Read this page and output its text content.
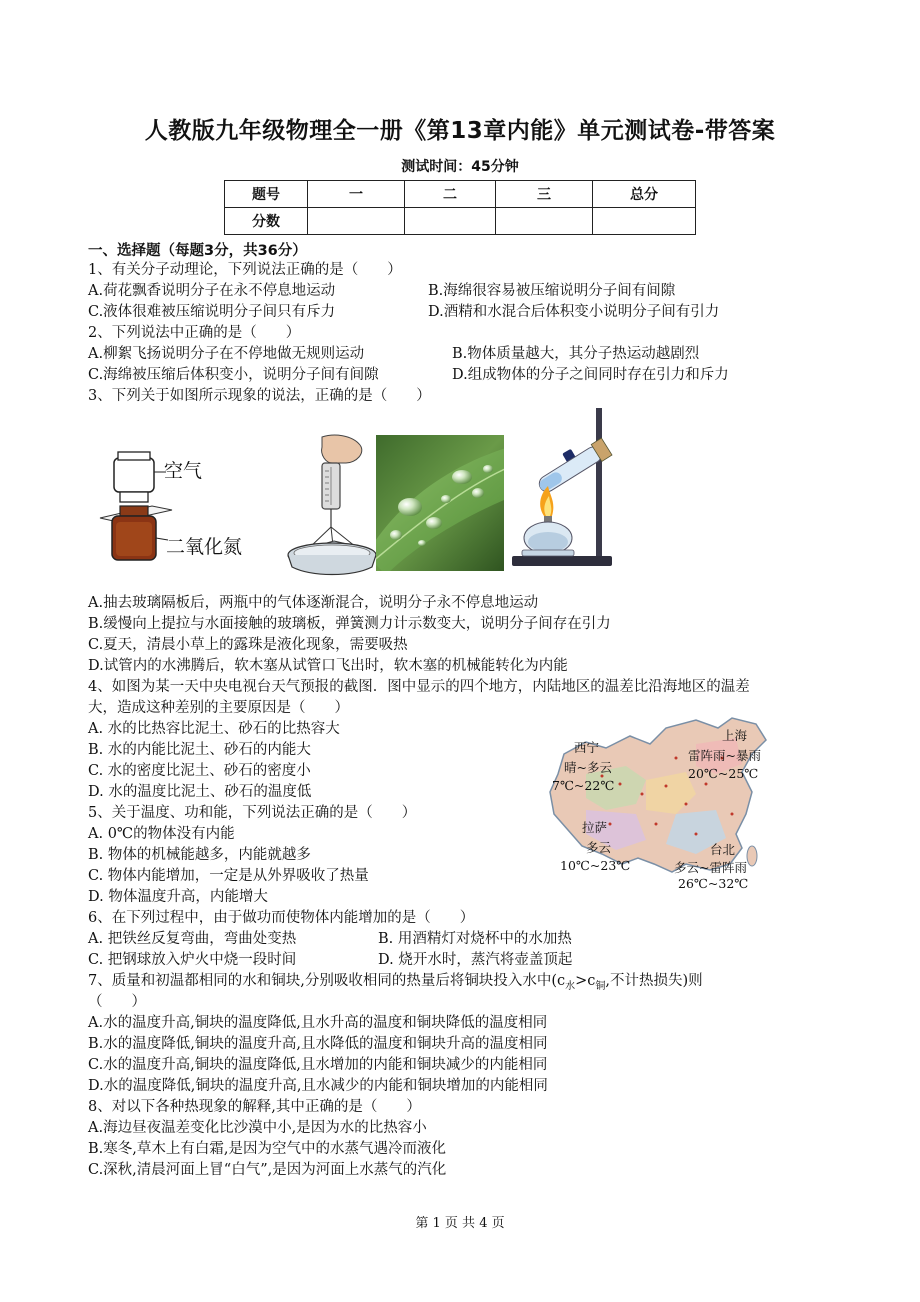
人教版九年级物理全一册《第13章内能》单元测试卷-带答案
测试时间：45分钟
题号	一	二	三	总分
分数				
一、选择题（每题3分，共36分）
1、有关分子动理论，下列说法正确的是（　　）
A.荷花飘香说明分子在永不停息地运动	B.海绵很容易被压缩说明分子间有间隙
C.液体很难被压缩说明分子间只有斥力	D.酒精和水混合后体积变小说明分子间有引力
2、下列说法中正确的是（　　）
A.柳絮飞扬说明分子在不停地做无规则运动	B.物体质量越大，其分子热运动越剧烈
C.海绵被压缩后体积变小，说明分子间有间隙	D.组成物体的分子之间同时存在引力和斥力
3、下列关于如图所示现象的说法，正确的是（　　）
空气
二氧化氮
A.抽去玻璃隔板后，两瓶中的气体逐渐混合，说明分子永不停息地运动
B.缓慢向上提拉与水面接触的玻璃板，弹簧测力计示数变大，说明分子间存在引力
C.夏天，清晨小草上的露珠是液化现象，需要吸热
D.试管内的水沸腾后，软木塞从试管口飞出时，软木塞的机械能转化为内能
4、如图为某一天中央电视台天气预报的截图．图中显示的四个地方，内陆地区的温差比沿海地区的温差
大，造成这种差别的主要原因是（　　）
A. 水的比热容比泥土、砂石的比热容大
B. 水的内能比泥土、砂石的内能大
C. 水的密度比泥土、砂石的密度小
D. 水的温度比泥土、砂石的温度低
西宁
晴~多云
7℃~22℃
上海
雷阵雨~暴雨
20℃~25℃
拉萨
多云
10℃~23℃
台北
多云~雷阵雨
26℃~32℃
5、关于温度、功和能，下列说法正确的是（　　）
A. 0℃的物体没有内能
B. 物体的机械能越多，内能就越多
C. 物体内能增加，一定是从外界吸收了热量
D. 物体温度升高，内能增大
6、在下列过程中，由于做功而使物体内能增加的是（　　）
A. 把铁丝反复弯曲，弯曲处变热	B. 用酒精灯对烧杯中的水加热
C. 把钢球放入炉火中烧一段时间	D. 烧开水时，蒸汽将壶盖顶起
7、质量和初温都相同的水和铜块,分别吸收相同的热量后将铜块投入水中($c_水>c_铜$,不计热损失)则
（　　）
A.水的温度升高,铜块的温度降低,且水升高的温度和铜块降低的温度相同
B.水的温度降低,铜块的温度升高,且水降低的温度和铜块升高的温度相同
C.水的温度升高,铜块的温度降低,且水增加的内能和铜块减少的内能相同
D.水的温度降低,铜块的温度升高,且水减少的内能和铜块增加的内能相同
8、对以下各种热现象的解释,其中正确的是（　　）
A.海边昼夜温差变化比沙漠中小,是因为水的比热容小
B.寒冬,草木上有白霜,是因为空气中的水蒸气遇冷而液化
C.深秋,清晨河面上冒“白气”,是因为河面上水蒸气的汽化
第 1 页 共 4 页
